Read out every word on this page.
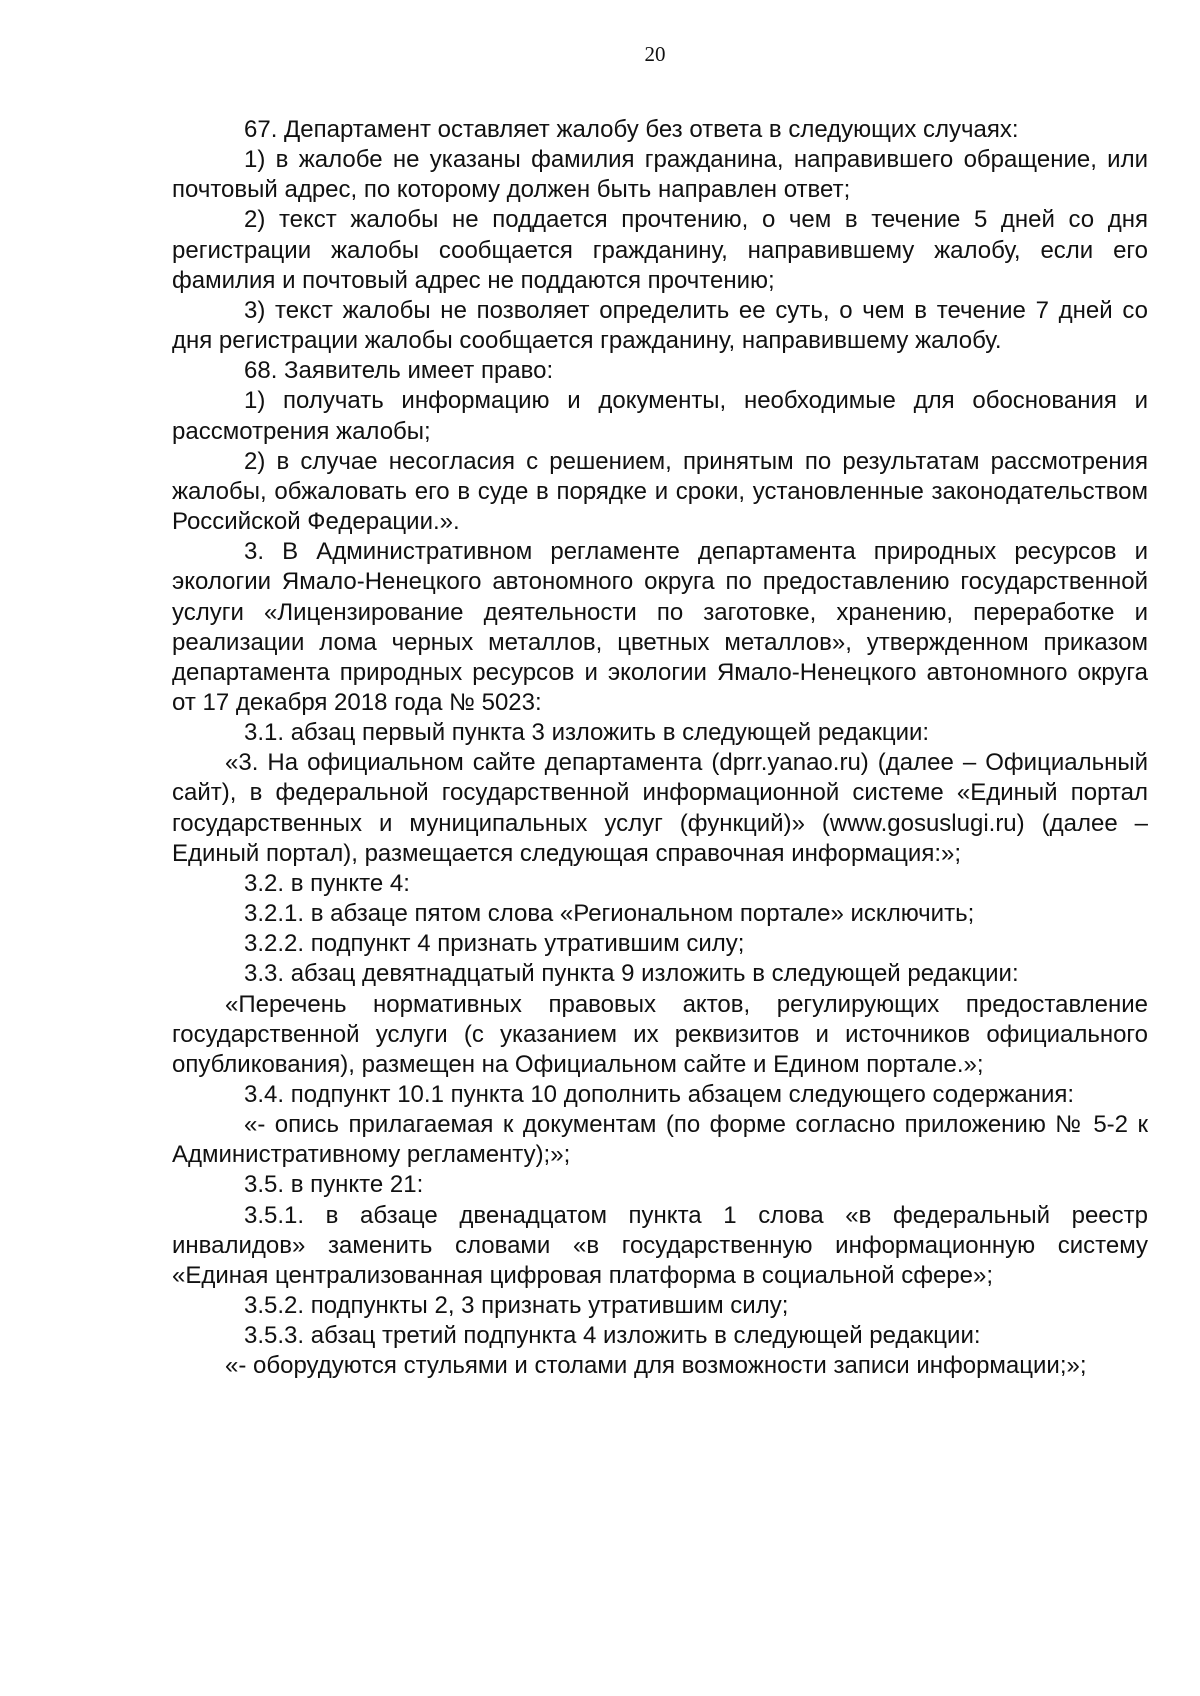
20

67. Департамент оставляет жалобу без ответа в следующих случаях:

1) в жалобе не указаны фамилия гражданина, направившего обращение, или почтовый адрес, по которому должен быть направлен ответ;

2) текст жалобы не поддается прочтению, о чем в течение 5 дней со дня регистрации жалобы сообщается гражданину, направившему жалобу, если его фамилия и почтовый адрес не поддаются прочтению;

3) текст жалобы не позволяет определить ее суть, о чем в течение 7 дней со дня регистрации жалобы сообщается гражданину, направившему жалобу.

68. Заявитель имеет право:

1) получать информацию и документы, необходимые для обоснования и рассмотрения жалобы;

2) в случае несогласия с решением, принятым по результатам рассмотрения жалобы, обжаловать его в суде в порядке и сроки, установленные законодательством Российской Федерации.».

3. В Административном регламенте департамента природных ресурсов и экологии Ямало-Ненецкого автономного округа по предоставлению государственной услуги «Лицензирование деятельности по заготовке, хранению, переработке и реализации лома черных металлов, цветных металлов», утвержденном приказом департамента природных ресурсов и экологии Ямало-Ненецкого автономного округа от 17 декабря 2018 года № 5023:

3.1. абзац первый пункта 3 изложить в следующей редакции:

«3. На официальном сайте департамента (dprr.yanao.ru) (далее – Официальный сайт), в федеральной государственной информационной системе «Единый портал государственных и муниципальных услуг (функций)» (www.gosuslugi.ru) (далее – Единый портал), размещается следующая справочная информация:»;

3.2. в пункте 4:

3.2.1. в абзаце пятом слова «Региональном портале» исключить;

3.2.2. подпункт 4 признать утратившим силу;

3.3. абзац девятнадцатый пункта 9 изложить в следующей редакции:

«Перечень нормативных правовых актов, регулирующих предоставление государственной услуги (с указанием их реквизитов и источников официального опубликования), размещен на Официальном сайте и Едином портале.»;

3.4. подпункт 10.1 пункта 10 дополнить абзацем следующего содержания:

«- опись прилагаемая к документам (по форме согласно приложению № 5-2 к Административному регламенту);»;

3.5. в пункте 21:

3.5.1. в абзаце двенадцатом пункта 1 слова «в федеральный реестр инвалидов» заменить словами «в государственную информационную систему «Единая централизованная цифровая платформа в социальной сфере»;

3.5.2. подпункты 2, 3 признать утратившим силу;

3.5.3. абзац третий подпункта 4 изложить в следующей редакции:

«- оборудуются стульями и столами для возможности записи информации;»;
